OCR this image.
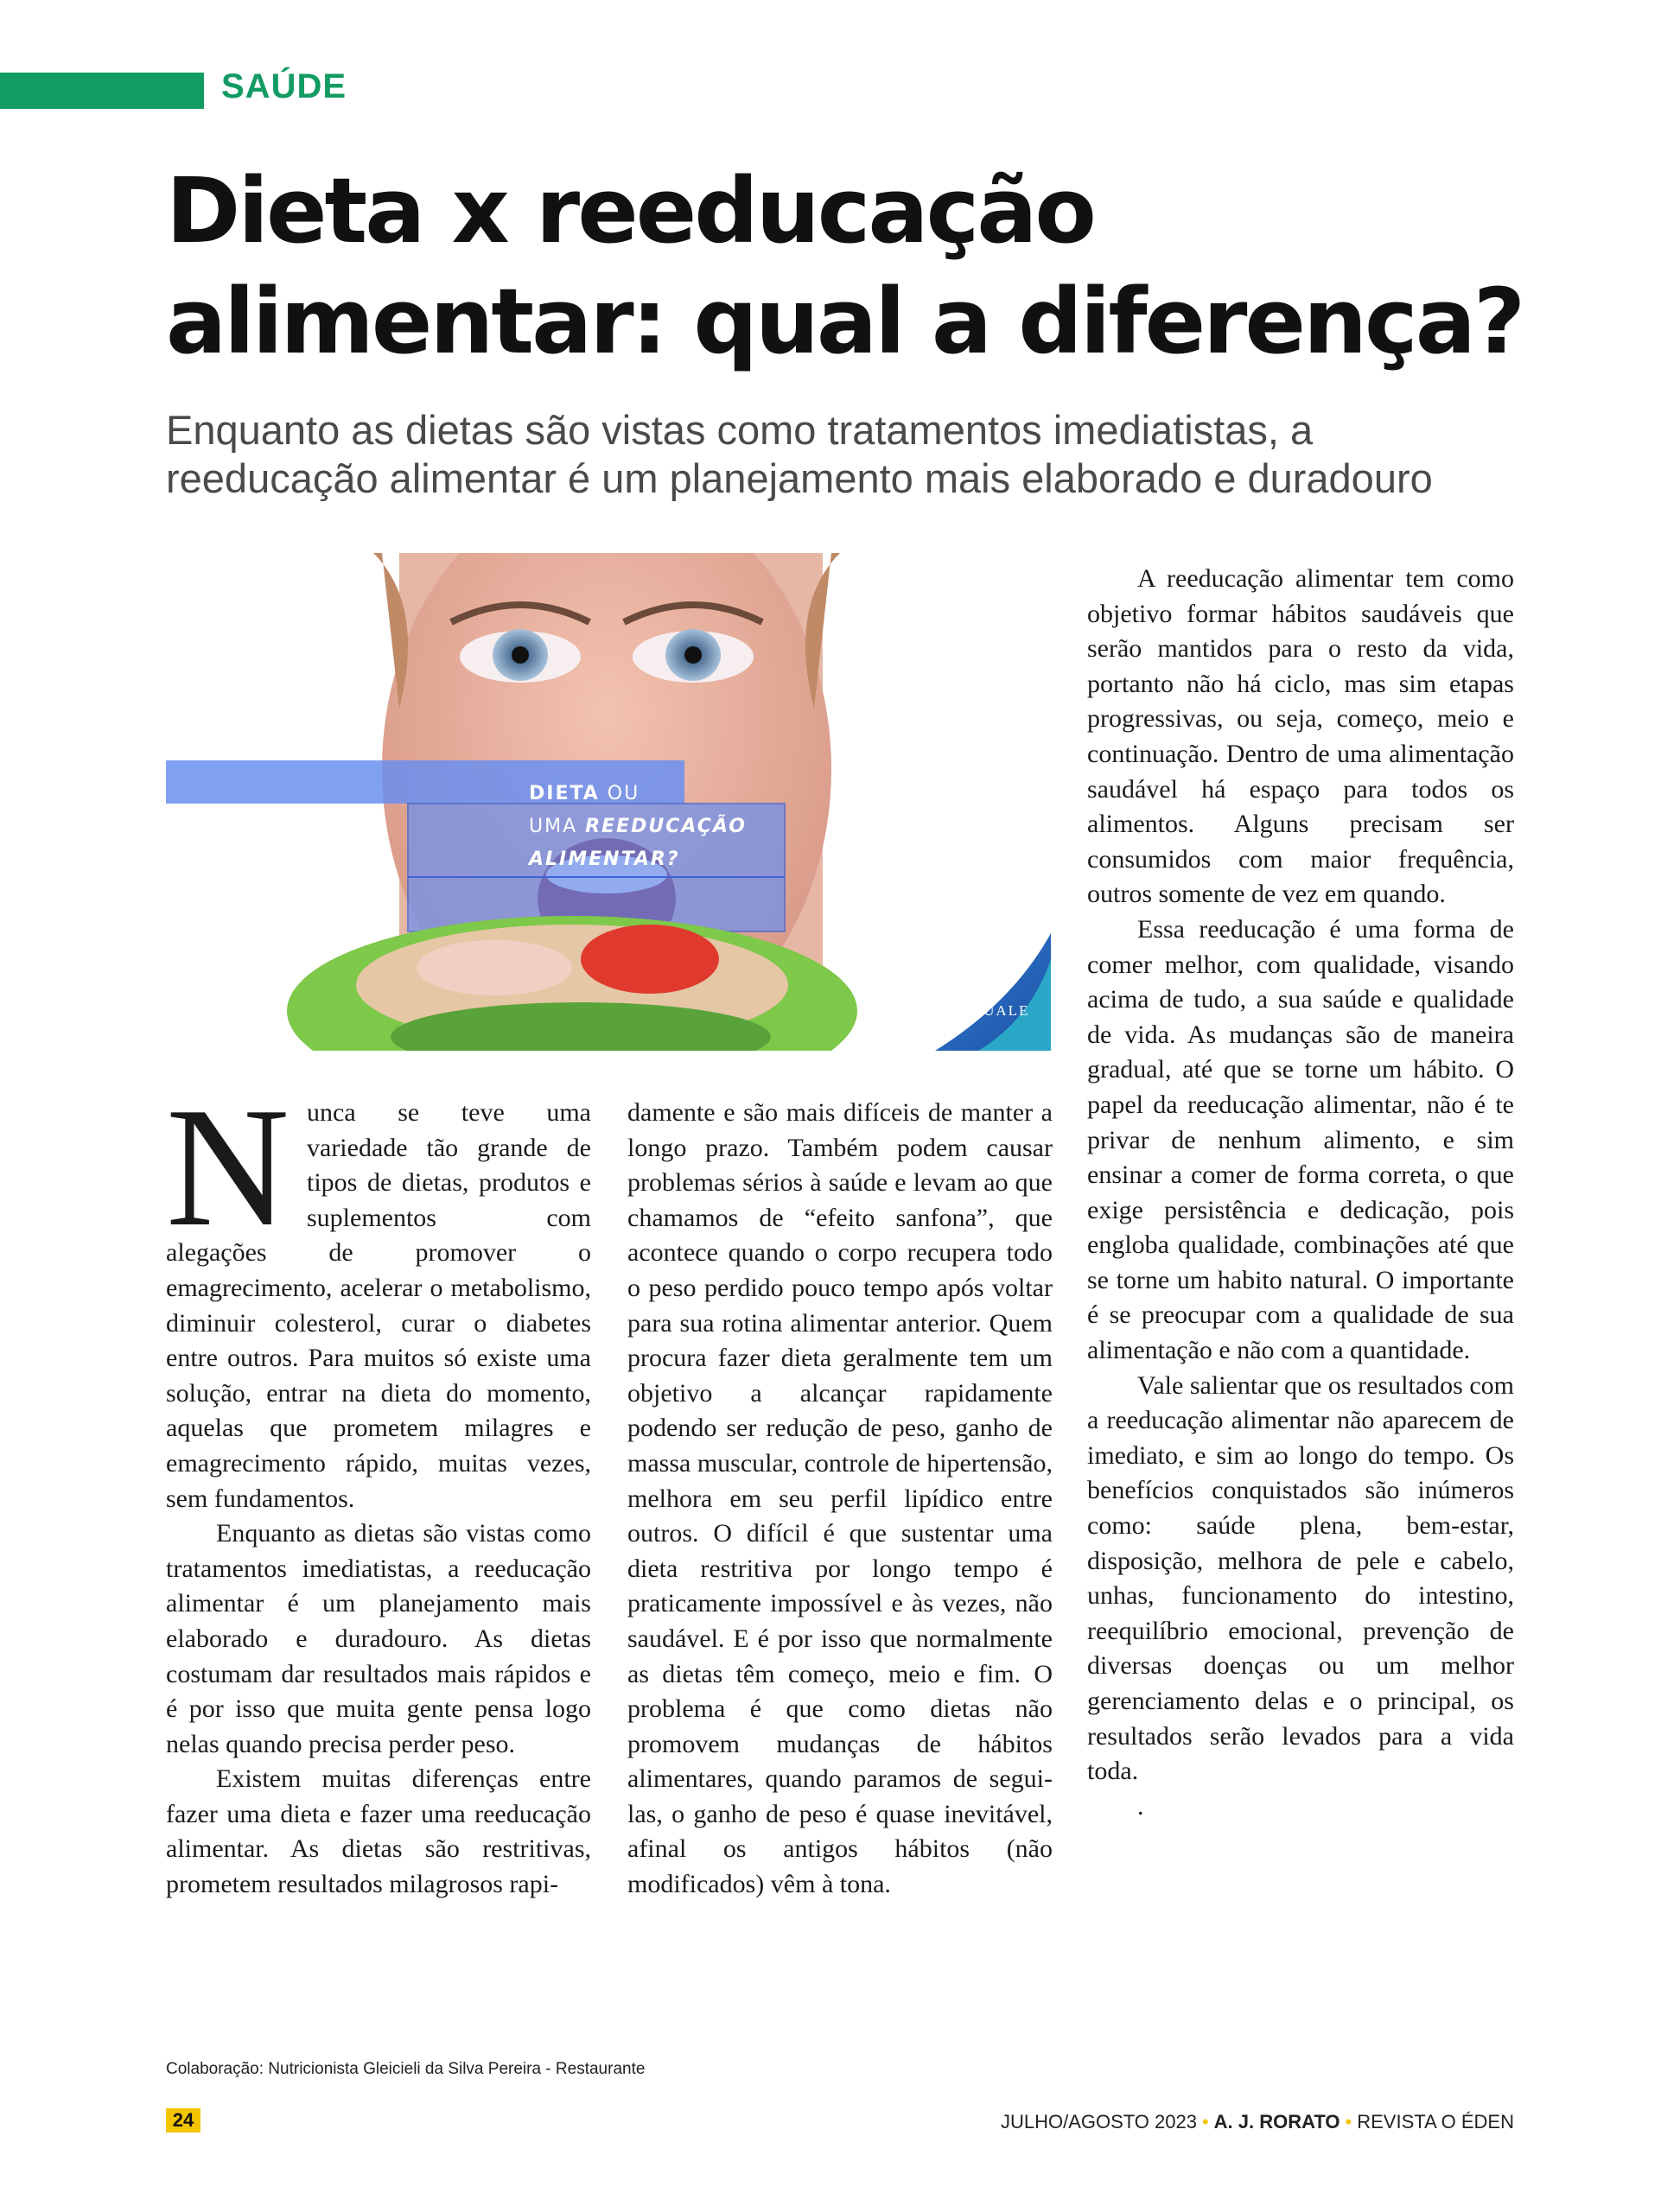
SAÚDE
Dieta x reeducação
alimentar: qual a diferença?

Enquanto as dietas são vistas como tratamentos imediatistas, a
reeducação alimentar é um planejamento mais elaborado e duradouro

DIETA OU
UMA REEDUCAÇÃO
ALIMENTAR?
INDIVIDUALE

Nunca se teve uma variedade tão grande de tipos de dietas, produtos e suplementos com alegações de promover o emagrecimento, acelerar o metabolismo, diminuir colesterol, curar o diabetes entre outros. Para muitos só existe uma solução, entrar na dieta do momento, aquelas que prometem milagres e emagrecimento rápido, muitas vezes, sem fundamentos.

Enquanto as dietas são vistas como tratamentos imediatistas, a reeducação alimentar é um planejamento mais elaborado e duradouro. As dietas costumam dar resultados mais rápidos e é por isso que muita gente pensa logo nelas quando precisa perder peso.

Existem muitas diferenças entre fazer uma dieta e fazer uma reeducação alimentar. As dietas são restritivas, prometem resultados milagrosos rapi-

damente e são mais difíceis de manter a longo prazo. Também podem causar problemas sérios à saúde e levam ao que chamamos de “efeito sanfona”, que acontece quando o corpo recupera todo o peso perdido pouco tempo após voltar para sua rotina alimentar anterior. Quem procura fazer dieta geralmente tem um objetivo a alcançar rapidamente podendo ser redução de peso, ganho de massa muscular, controle de hipertensão, melhora em seu perfil lipídico entre outros. O difícil é que sustentar uma dieta restritiva por longo tempo é praticamente impossível e às vezes, não saudável. E é por isso que normalmente as dietas têm começo, meio e fim. O problema é que como dietas não promovem mudanças de hábitos alimentares, quando paramos de segui-las, o ganho de peso é quase inevitável, afinal os antigos hábitos (não modificados) vêm à tona.

A reeducação alimentar tem como objetivo formar hábitos saudáveis que serão mantidos para o resto da vida, portanto não há ciclo, mas sim etapas progressivas, ou seja, começo, meio e continuação. Dentro de uma alimentação saudável há espaço para todos os alimentos. Alguns precisam ser consumidos com maior frequência, outros somente de vez em quando.

Essa reeducação é uma forma de comer melhor, com qualidade, visando acima de tudo, a sua saúde e qualidade de vida. As mudanças são de maneira gradual, até que se torne um hábito. O papel da reeducação alimentar, não é te privar de nenhum alimento, e sim ensinar a comer de forma correta, o que exige persistência e dedicação, pois engloba qualidade, combinações até que se torne um habito natural. O importante é se preocupar com a qualidade de sua alimentação e não com a quantidade.

Vale salientar que os resultados com a reeducação alimentar não aparecem de imediato, e sim ao longo do tempo. Os benefícios conquistados são inúmeros como: saúde plena, bem-estar, disposição, melhora de pele e cabelo, unhas, funcionamento do intestino, reequilíbrio emocional, prevenção de diversas doenças ou um melhor gerenciamento delas e o principal, os resultados serão levados para a vida toda.

.

Colaboração: Nutricionista Gleicieli da Silva Pereira - Restaurante
24	JULHO/AGOSTO 2023 • A. J. RORATO • REVISTA O ÉDEN
